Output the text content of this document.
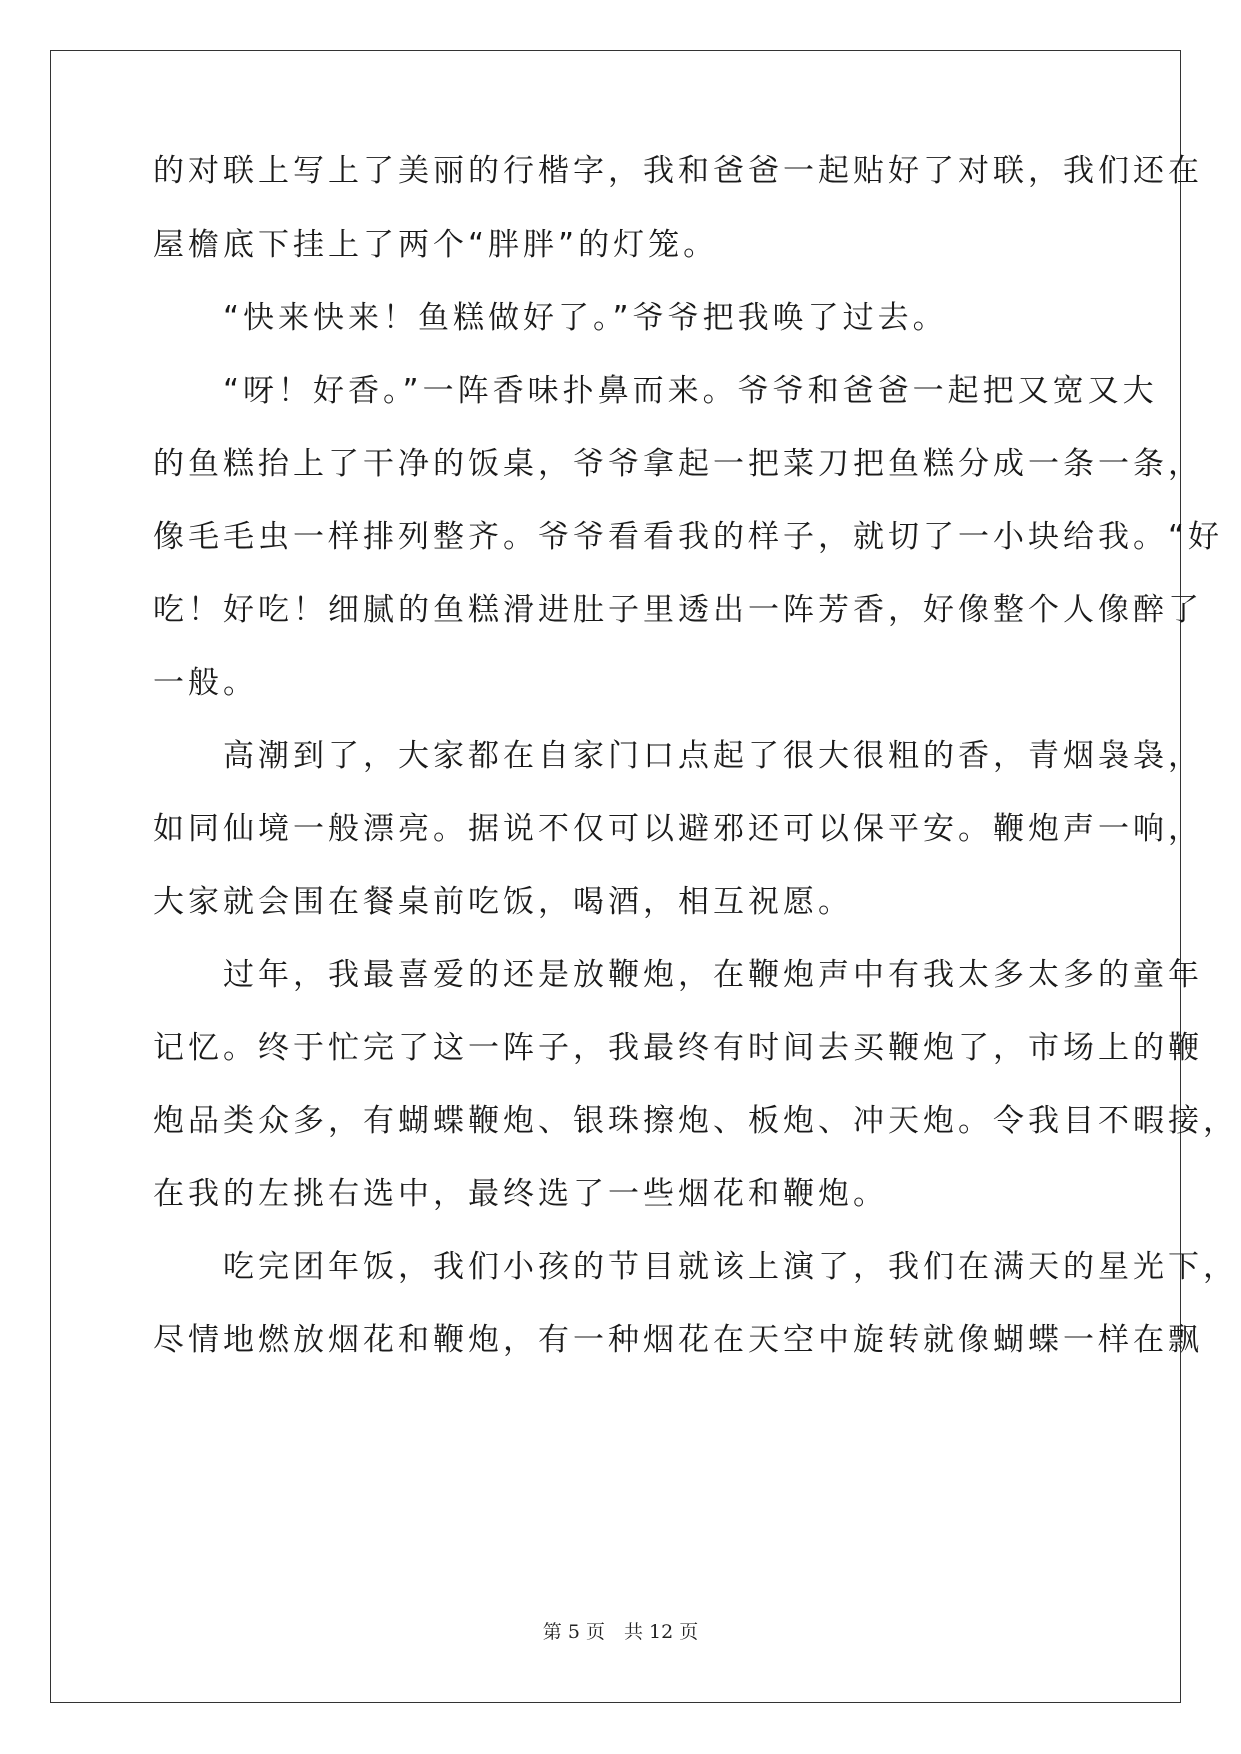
的对联上写上了美丽的行楷字，我和爸爸一起贴好了对联，我们还在
屋檐底下挂上了两个“胖胖”的灯笼。
　　“快来快来！鱼糕做好了。”爷爷把我唤了过去。
　　“呀！好香。”一阵香味扑鼻而来。爷爷和爸爸一起把又宽又大
的鱼糕抬上了干净的饭桌，爷爷拿起一把菜刀把鱼糕分成一条一条，
像毛毛虫一样排列整齐。爷爷看看我的样子，就切了一小块给我。“好
吃！好吃！细腻的鱼糕滑进肚子里透出一阵芳香，好像整个人像醉了
一般。
　　高潮到了，大家都在自家门口点起了很大很粗的香，青烟袅袅，
如同仙境一般漂亮。据说不仅可以避邪还可以保平安。鞭炮声一响，
大家就会围在餐桌前吃饭，喝酒，相互祝愿。
　　过年，我最喜爱的还是放鞭炮，在鞭炮声中有我太多太多的童年
记忆。终于忙完了这一阵子，我最终有时间去买鞭炮了，市场上的鞭
炮品类众多，有蝴蝶鞭炮、银珠擦炮、板炮、冲天炮。令我目不暇接，
在我的左挑右选中，最终选了一些烟花和鞭炮。
　　吃完团年饭，我们小孩的节目就该上演了，我们在满天的星光下，
尽情地燃放烟花和鞭炮，有一种烟花在天空中旋转就像蝴蝶一样在飘
第 5 页　共 12 页
